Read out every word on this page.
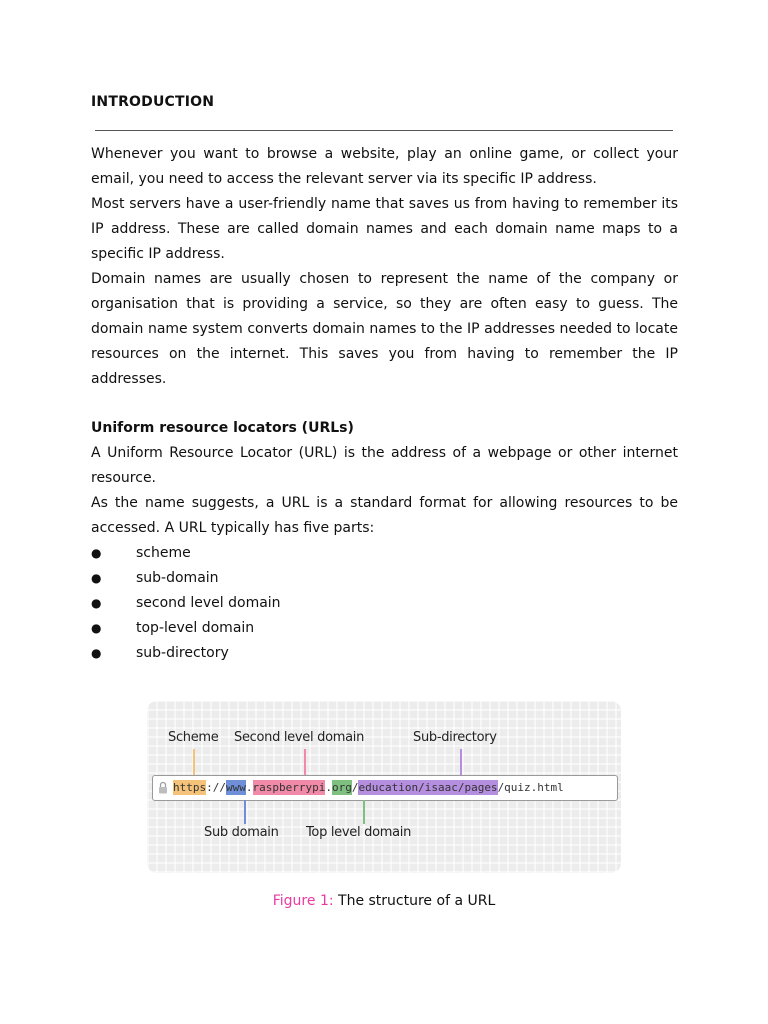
INTRODUCTION

Whenever you want to browse a website, play an online game, or collect your email, you need to access the relevant server via its specific IP address.

Most servers have a user-friendly name that saves us from having to remember its IP address. These are called domain names and each domain name maps to a specific IP address.

Domain names are usually chosen to represent the name of the company or organisation that is providing a service, so they are often easy to guess. The domain name system converts domain names to the IP addresses needed to locate resources on the internet. This saves you from having to remember the IP addresses.

Uniform resource locators (URLs)

A Uniform Resource Locator (URL) is the address of a webpage or other internet resource.

As the name suggests, a URL is a standard format for allowing resources to be accessed. A URL typically has five parts:

● scheme
● sub-domain
● second level domain
● top-level domain
● sub-directory
Scheme Second level domain	Sub-directory
https://www.raspberrypi.org/education/isaac/pages/quiz.html
Sub domain Top level domain
Figure 1: The structure of a URL
